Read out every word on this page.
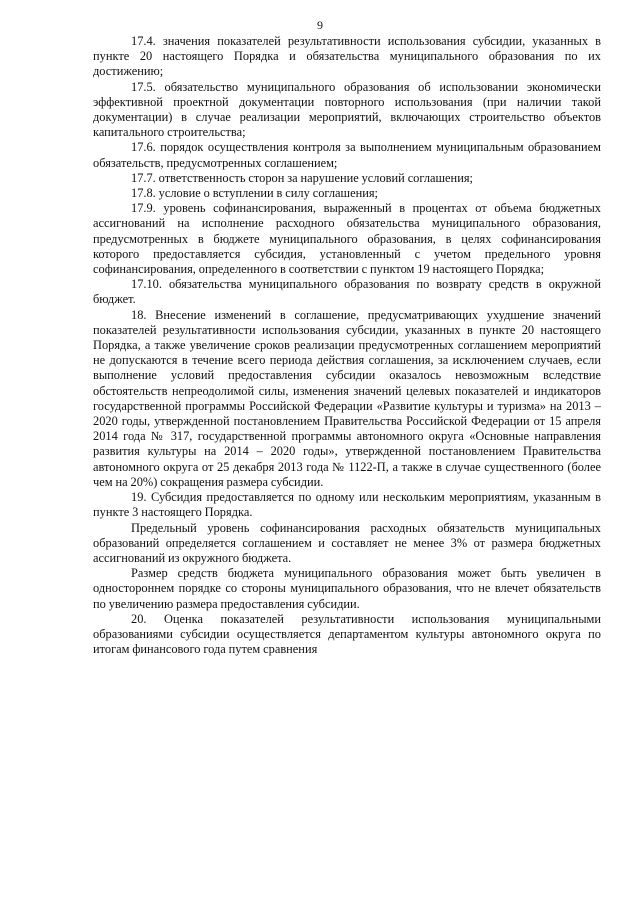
9

17.4. значения показателей результативности использования субсидии, указанных в пункте 20 настоящего Порядка и обязательства муниципального образования по их достижению;

17.5. обязательство муниципального образования об использовании экономически эффективной проектной документации повторного использования (при наличии такой документации) в случае реализации мероприятий, включающих строительство объектов капитального строительства;

17.6. порядок осуществления контроля за выполнением муниципальным образованием обязательств, предусмотренных соглашением;

17.7. ответственность сторон за нарушение условий соглашения;

17.8. условие о вступлении в силу соглашения;

17.9. уровень софинансирования, выраженный в процентах от объема бюджетных ассигнований на исполнение расходного обязательства муниципального образования, предусмотренных в бюджете муниципального образования, в целях софинансирования которого предоставляется субсидия, установленный с учетом предельного уровня софинансирования, определенного в соответствии с пунктом 19 настоящего Порядка;

17.10. обязательства муниципального образования по возврату средств в окружной бюджет.

18. Внесение изменений в соглашение, предусматривающих ухудшение значений показателей результативности использования субсидии, указанных в пункте 20 настоящего Порядка, а также увеличение сроков реализации предусмотренных соглашением мероприятий не допускаются в течение всего периода действия соглашения, за исключением случаев, если выполнение условий предоставления субсидии оказалось невозможным вследствие обстоятельств непреодолимой силы, изменения значений целевых показателей и индикаторов государственной программы Российской Федерации «Развитие культуры и туризма» на 2013 – 2020 годы, утвержденной постановлением Правительства Российской Федерации от 15 апреля 2014 года № 317, государственной программы автономного округа «Основные направления развития культуры на 2014 – 2020 годы», утвержденной постановлением Правительства автономного округа от 25 декабря 2013 года № 1122-П, а также в случае существенного (более чем на 20%) сокращения размера субсидии.

19. Субсидия предоставляется по одному или нескольким мероприятиям, указанным в пункте 3 настоящего Порядка.

Предельный уровень софинансирования расходных обязательств муниципальных образований определяется соглашением и составляет не менее 3% от размера бюджетных ассигнований из окружного бюджета.

Размер средств бюджета муниципального образования может быть увеличен в одностороннем порядке со стороны муниципального образования, что не влечет обязательств по увеличению размера предоставления субсидии.

20. Оценка показателей результативности использования муниципальными образованиями субсидии осуществляется департаментом культуры автономного округа по итогам финансового года путем сравнения
